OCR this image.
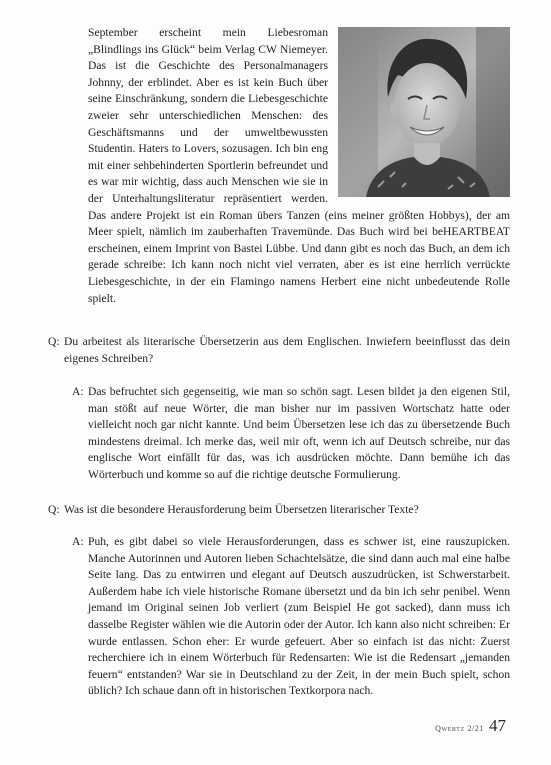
September erscheint mein Liebesroman „Blindlings ins Glück“ beim Verlag CW Niemeyer. Das ist die Geschichte des Personalmanagers Johnny, der erblindet. Aber es ist kein Buch über seine Einschränkung, sondern die Liebesgeschichte zweier sehr unterschiedlichen Menschen: des Geschäftsmanns und der umweltbewussten Studentin. Haters to Lovers, sozusagen. Ich bin eng mit einer sehbehinderten Sportlerin befreundet und es war mir wichtig, dass auch Menschen wie sie in der Unterhaltungsliteratur repräsentiert werden. Das andere Projekt ist ein Roman übers Tanzen (eins meiner größten Hobbys), der am Meer spielt, nämlich im zauberhaften Travemünde. Das Buch wird bei beHEARTBEAT erscheinen, einem Imprint von Bastei Lübbe. Und dann gibt es noch das Buch, an dem ich gerade schreibe: Ich kann noch nicht viel verraten, aber es ist eine herrlich verrückte Liebesgeschichte, in der ein Flamingo namens Herbert eine nicht unbedeutende Rolle spielt.
Q: Du arbeitest als literarische Übersetzerin aus dem Englischen. Inwiefern beeinflusst das dein eigenes Schreiben?

A: Das befruchtet sich gegenseitig, wie man so schön sagt. Lesen bildet ja den eigenen Stil, man stößt auf neue Wörter, die man bisher nur im passiven Wortschatz hatte oder vielleicht noch gar nicht kannte. Und beim Übersetzen lese ich das zu übersetzende Buch mindestens dreimal. Ich merke das, weil mir oft, wenn ich auf Deutsch schreibe, nur das englische Wort einfällt für das, was ich ausdrücken möchte. Dann bemühe ich das Wörterbuch und komme so auf die richtige deutsche Formulierung.

Q: Was ist die besondere Herausforderung beim Übersetzen literarischer Texte?

A: Puh, es gibt dabei so viele Herausforderungen, dass es schwer ist, eine rauszupicken. Manche Autorinnen und Autoren lieben Schachtelsätze, die sind dann auch mal eine halbe Seite lang. Das zu entwirren und elegant auf Deutsch auszudrücken, ist Schwerstarbeit. Außerdem habe ich viele historische Romane übersetzt und da bin ich sehr penibel. Wenn jemand im Original seinen Job verliert (zum Beispiel He got sacked), dann muss ich dasselbe Register wählen wie die Autorin oder der Autor. Ich kann also nicht schreiben: Er wurde entlassen. Schon eher: Er wurde gefeuert. Aber so einfach ist das nicht: Zuerst recherchiere ich in einem Wörterbuch für Redensarten: Wie ist die Redensart „jemanden feuern“ entstanden? War sie in Deutschland zu der Zeit, in der mein Buch spielt, schon üblich? Ich schaue dann oft in historischen Textkorpora nach.

Qwertz 2/21 47
